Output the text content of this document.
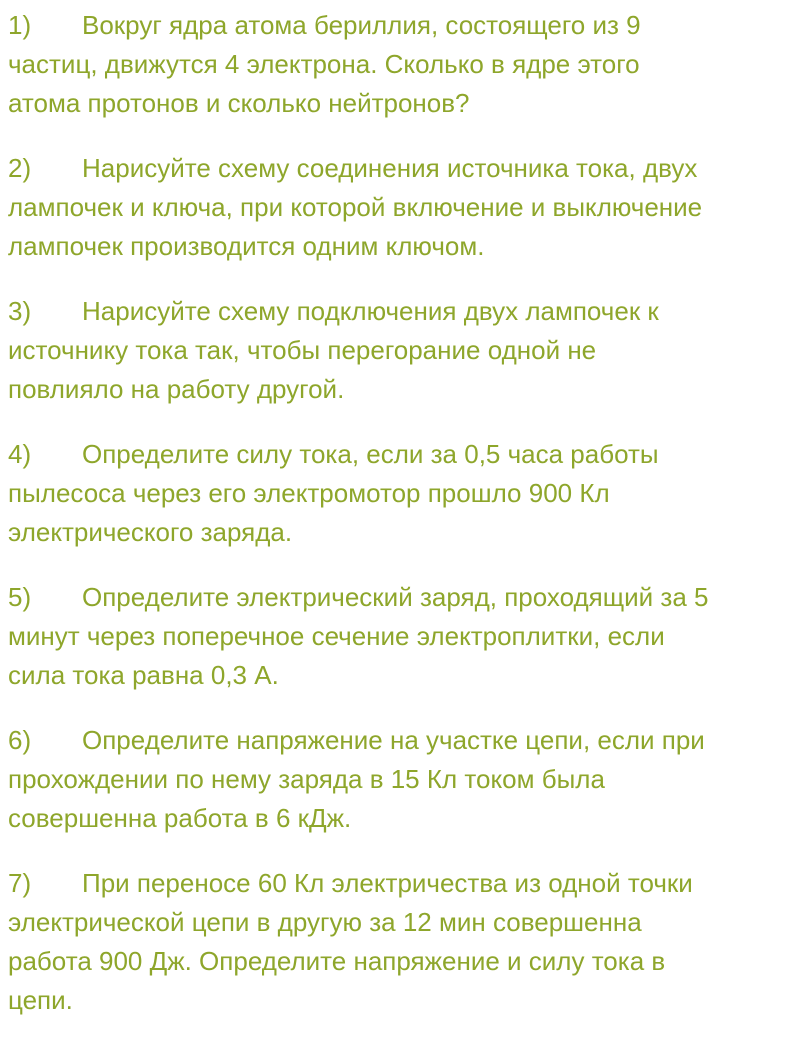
1) Вокруг ядра атома бериллия, состоящего из 9
частиц, движутся 4 электрона. Сколько в ядре этого
атома протонов и сколько нейтронов?
2) Нарисуйте схему соединения источника тока, двух
лампочек и ключа, при которой включение и выключение
лампочек производится одним ключом.
3) Нарисуйте схему подключения двух лампочек к
источнику тока так, чтобы перегорание одной не
повлияло на работу другой.
4) Определите силу тока, если за 0,5 часа работы
пылесоса через его электромотор прошло 900 Кл
электрического заряда.
5) Определите электрический заряд, проходящий за 5
минут через поперечное сечение электроплитки, если
сила тока равна 0,3 А.
6) Определите напряжение на участке цепи, если при
прохождении по нему заряда в 15 Кл током была
совершенна работа в 6 кДж.
7) При переносе 60 Кл электричества из одной точки
электрической цепи в другую за 12 мин совершенна
работа 900 Дж. Определите напряжение и силу тока в
цепи.
